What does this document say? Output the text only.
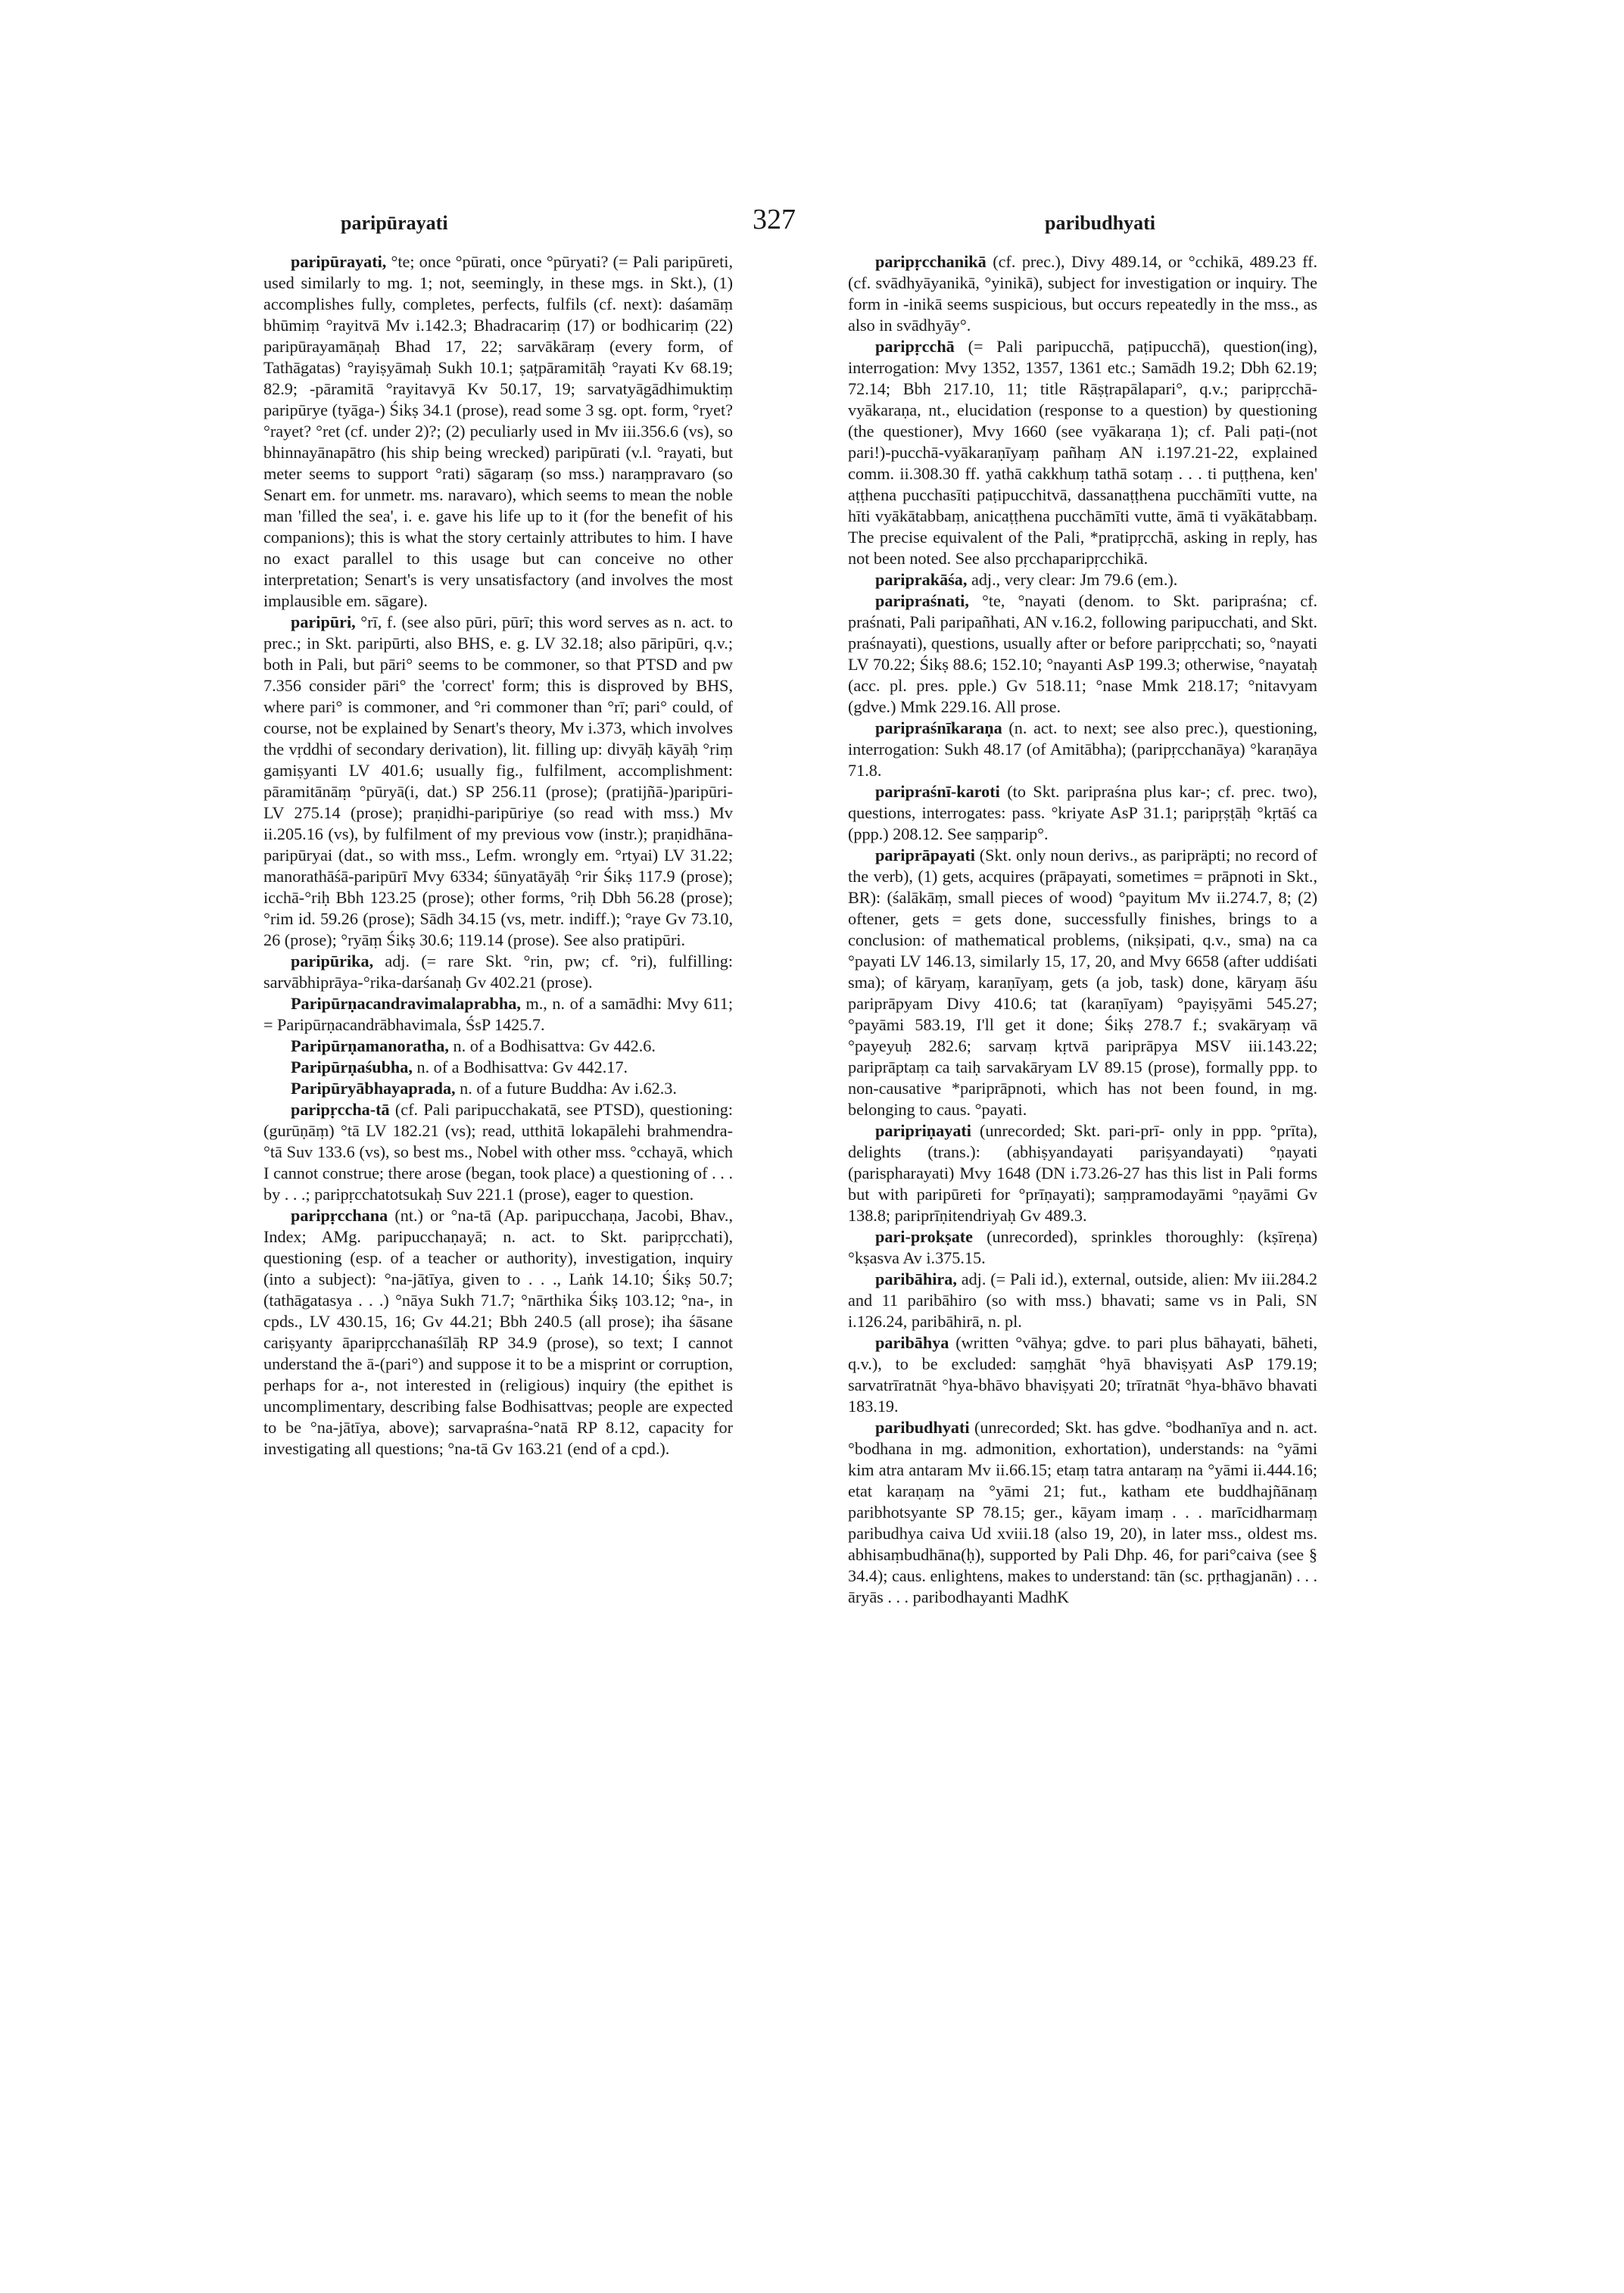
paripūrayati	327	paribudhyati

paripūrayati, °te; once °pūrati, once °pūryati? (= Pali paripūreti, used similarly to mg. 1; not, seemingly, in these mgs. in Skt.), (1) accomplishes fully, completes, perfects, fulfils (cf. next): daśamāṃ bhūmiṃ °rayitvā Mv i.142.3; Bhadracariṃ (17) or bodhicariṃ (22) paripūrayamāṇaḥ Bhad 17, 22; sarvākāraṃ (every form, of Tathāgatas) °rayiṣyāmaḥ Sukh 10.1; ṣaṭpāramitāḥ °rayati Kv 68.19; 82.9; -pāramitā °rayitavyā Kv 50.17, 19; sarvatyāgādhimuktiṃ paripūrye (tyāga-) Śikṣ 34.1 (prose), read some 3 sg. opt. form, °ryet? °rayet? °ret (cf. under 2)?; (2) peculiarly used in Mv iii.356.6 (vs), so bhinnayānapātro (his ship being wrecked) paripūrati (v.l. °rayati, but meter seems to support °rati) sāgaraṃ (so mss.) naraṃpravaro (so Senart em. for unmetr. ms. naravaro), which seems to mean the noble man 'filled the sea', i. e. gave his life up to it (for the benefit of his companions); this is what the story certainly attributes to him. I have no exact parallel to this usage but can conceive no other interpretation; Senart's is very unsatisfactory (and involves the most implausible em. sāgare).

paripūri, °rī, f. (see also pūri, pūrī; this word serves as n. act. to prec.; in Skt. paripūrti, also BHS, e. g. LV 32.18; also pāripūri, q.v.; both in Pali, but pāri° seems to be commoner, so that PTSD and pw 7.356 consider pāri° the 'correct' form; this is disproved by BHS, where pari° is commoner, and °ri commoner than °rī; pari° could, of course, not be explained by Senart's theory, Mv i.373, which involves the vṛddhi of secondary derivation), lit. filling up: divyāḥ kāyāḥ °riṃ gamiṣyanti LV 401.6; usually fig., fulfilment, accomplishment: pāramitānāṃ °pūryā(i, dat.) SP 256.11 (prose); (pratijñā-)paripūri- LV 275.14 (prose); praṇidhi-paripūriye (so read with mss.) Mv ii.205.16 (vs), by fulfilment of my previous vow (instr.); praṇidhāna-paripūryai (dat., so with mss., Lefm. wrongly em. °rtyai) LV 31.22; manorathāśā-paripūrī Mvy 6334; śūnyatāyāḥ °rir Śikṣ 117.9 (prose); icchā-°riḥ Bbh 123.25 (prose); other forms, °riḥ Dbh 56.28 (prose); °rim id. 59.26 (prose); Sādh 34.15 (vs, metr. indiff.); °raye Gv 73.10, 26 (prose); °ryāṃ Śikṣ 30.6; 119.14 (prose). See also pratipūri.

paripūrika, adj. (= rare Skt. °rin, pw; cf. °ri), fulfilling: sarvābhiprāya-°rika-darśanaḥ Gv 402.21 (prose).

Paripūrṇacandravimalaprabha, m., n. of a samādhi: Mvy 611; = Paripūrṇacandrābhavimala, ŚsP 1425.7.

Paripūrṇamanoratha, n. of a Bodhisattva: Gv 442.6.

Paripūrṇaśubha, n. of a Bodhisattva: Gv 442.17.

Paripūryābhayaprada, n. of a future Buddha: Av i.62.3.

paripṛccha-tā (cf. Pali paripucchakatā, see PTSD), questioning: (gurūṇāṃ) °tā LV 182.21 (vs); read, utthitā lokapālehi brahmendra-°tā Suv 133.6 (vs), so best ms., Nobel with other mss. °cchayā, which I cannot construe; there arose (began, took place) a questioning of . . . by . . .; paripṛcchatotsukaḥ Suv 221.1 (prose), eager to question.

paripṛcchana (nt.) or °na-tā (Ap. paripucchaṇa, Jacobi, Bhav., Index; AMg. paripucchaṇayā; n. act. to Skt. paripṛcchati), questioning (esp. of a teacher or authority), investigation, inquiry (into a subject): °na-jātīya, given to . . ., Laṅk 14.10; Śikṣ 50.7; (tathāgatasya . . .) °nāya Sukh 71.7; °nārthika Śikṣ 103.12; °na-, in cpds., LV 430.15, 16; Gv 44.21; Bbh 240.5 (all prose); iha śāsane cariṣyanty āparipṛcchanaśīlāḥ RP 34.9 (prose), so text; I cannot understand the ā-(pari°) and suppose it to be a misprint or corruption, perhaps for a-, not interested in (religious) inquiry (the epithet is uncomplimentary, describing false Bodhisattvas; people are expected to be °na-jātīya, above); sarvapraśna-°natā RP 8.12, capacity for investigating all questions; °na-tā Gv 163.21 (end of a cpd.).

paripṛcchanikā (cf. prec.), Divy 489.14, or °cchikā, 489.23 ff. (cf. svādhyāyanikā, °yinikā), subject for investigation or inquiry. The form in -inikā seems suspicious, but occurs repeatedly in the mss., as also in svādhyāy°.

paripṛcchā (= Pali paripucchā, paṭipucchā), question(ing), interrogation: Mvy 1352, 1357, 1361 etc.; Samādh 19.2; Dbh 62.19; 72.14; Bbh 217.10, 11; title Rāṣṭrapālapari°, q.v.; paripṛcchā-vyākaraṇa, nt., elucidation (response to a question) by questioning (the questioner), Mvy 1660 (see vyākaraṇa 1); cf. Pali paṭi-(not pari!)-pucchā-vyākaraṇīyaṃ pañhaṃ AN i.197.21-22, explained comm. ii.308.30 ff. yathā cakkhuṃ tathā sotaṃ . . . ti puṭṭhena, ken' aṭṭhena pucchasīti paṭipucchitvā, dassanaṭṭhena pucchāmīti vutte, na hīti vyākātabbaṃ, anicaṭṭhena pucchāmīti vutte, āmā ti vyākātabbaṃ. The precise equivalent of the Pali, *pratipṛcchā, asking in reply, has not been noted. See also pṛcchaparipṛcchikā.

pariprakāśa, adj., very clear: Jm 79.6 (em.).

paripraśnati, °te, °nayati (denom. to Skt. paripraśna; cf. praśnati, Pali paripañhati, AN v.16.2, following paripucchati, and Skt. praśnayati), questions, usually after or before paripṛcchati; so, °nayati LV 70.22; Śikṣ 88.6; 152.10; °nayanti AsP 199.3; otherwise, °nayataḥ (acc. pl. pres. pple.) Gv 518.11; °nase Mmk 218.17; °nitavyam (gdve.) Mmk 229.16. All prose.

paripraśnīkaraṇa (n. act. to next; see also prec.), questioning, interrogation: Sukh 48.17 (of Amitābha); (paripṛcchanāya) °karaṇāya 71.8.

paripraśnī-karoti (to Skt. paripraśna plus kar-; cf. prec. two), questions, interrogates: pass. °kriyate AsP 31.1; paripṛṣṭāḥ °kṛtāś ca (ppp.) 208.12. See saṃparip°.

pariprāpayati (Skt. only noun derivs., as paripräpti; no record of the verb), (1) gets, acquires (prāpayati, sometimes = prāpnoti in Skt., BR): (śalākāṃ, small pieces of wood) °payitum Mv ii.274.7, 8; (2) oftener, gets = gets done, successfully finishes, brings to a conclusion: of mathematical problems, (nikṣipati, q.v., sma) na ca °payati LV 146.13, similarly 15, 17, 20, and Mvy 6658 (after uddiśati sma); of kāryaṃ, karaṇīyaṃ, gets (a job, task) done, kāryaṃ āśu pariprāpyam Divy 410.6; tat (karaṇīyam) °payiṣyāmi 545.27; °payāmi 583.19, I'll get it done; Śikṣ 278.7 f.; svakāryaṃ vā °payeyuḥ 282.6; sarvaṃ kṛtvā pariprāpya MSV iii.143.22; pariprāptaṃ ca taiḥ sarvakāryam LV 89.15 (prose), formally ppp. to non-causative *pariprāpnoti, which has not been found, in mg. belonging to caus. °payati.

paripriṇayati (unrecorded; Skt. pari-prī- only in ppp. °prīta), delights (trans.): (abhiṣyandayati pariṣyandayati) °ṇayati (parispharayati) Mvy 1648 (DN i.73.26-27 has this list in Pali forms but with paripūreti for °prīṇayati); saṃpramodayāmi °ṇayāmi Gv 138.8; pariprīṇitendriyaḥ Gv 489.3.

pari-prokṣate (unrecorded), sprinkles thoroughly: (kṣīreṇa) °kṣasva Av i.375.15.

paribāhira, adj. (= Pali id.), external, outside, alien: Mv iii.284.2 and 11 paribāhiro (so with mss.) bhavati; same vs in Pali, SN i.126.24, paribāhirā, n. pl.

paribāhya (written °vāhya; gdve. to pari plus bāhayati, bāheti, q.v.), to be excluded: saṃghāt °hyā bhaviṣyati AsP 179.19; sarvatrīratnāt °hya-bhāvo bhaviṣyati 20; trīratnāt °hya-bhāvo bhavati 183.19.

paribudhyati (unrecorded; Skt. has gdve. °bodhanīya and n. act. °bodhana in mg. admonition, exhortation), understands: na °yāmi kim atra antaram Mv ii.66.15; etaṃ tatra antaraṃ na °yāmi ii.444.16; etat karaṇaṃ na °yāmi 21; fut., katham ete buddhajñānaṃ paribhotsyante SP 78.15; ger., kāyam imaṃ . . . marīcidharmaṃ paribudhya caiva Ud xviii.18 (also 19, 20), in later mss., oldest ms. abhisaṃbudhāna(ḥ), supported by Pali Dhp. 46, for pari°caiva (see § 34.4); caus. enlightens, makes to understand: tān (sc. pṛthagjanān) . . . āryās . . . paribodhayanti MadhK
